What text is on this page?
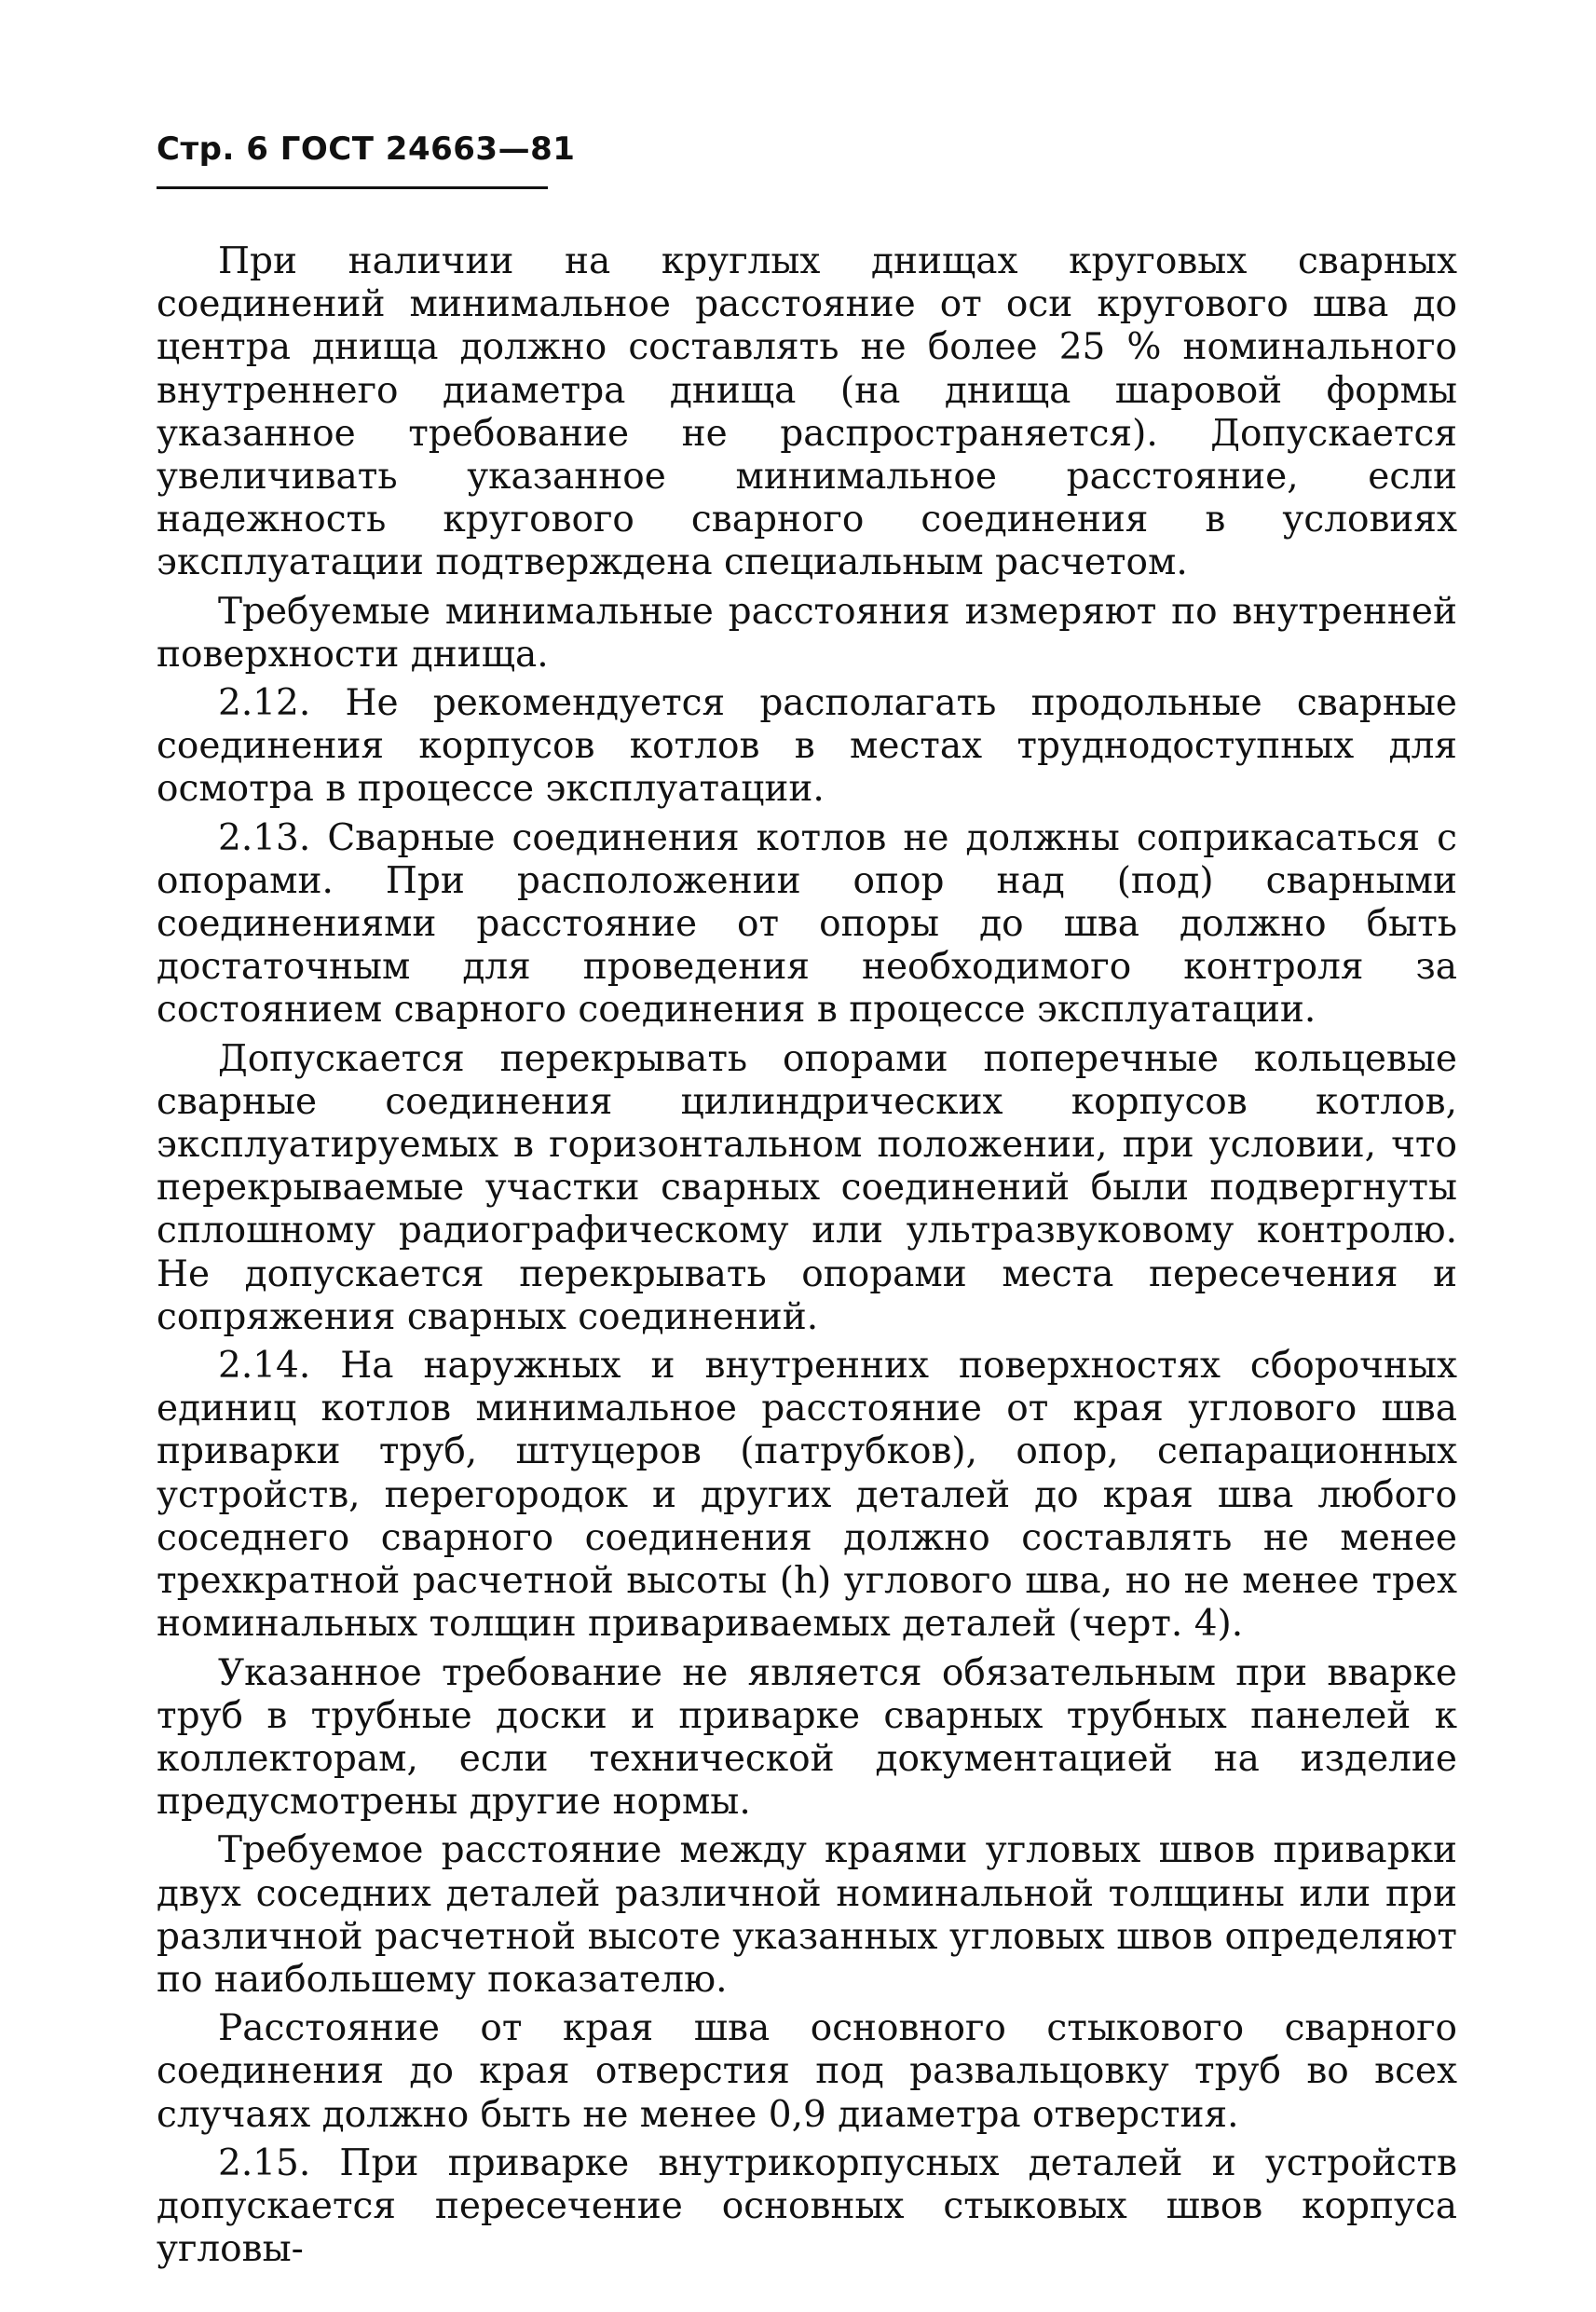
Стр. 6 ГОСТ 24663—81

При наличии на круглых днищах круговых сварных соединений минимальное расстояние от оси кругового шва до центра днища должно составлять не более 25 % номинального внутреннего диаметра днища (на днища шаровой формы указанное требование не распространяется). Допускается увеличивать указанное минимальное расстояние, если надежность кругового сварного соединения в условиях эксплуатации подтверждена специальным расчетом.

Требуемые минимальные расстояния измеряют по внутренней поверхности днища.

2.12. Не рекомендуется располагать продольные сварные соединения корпусов котлов в местах труднодоступных для осмотра в процессе эксплуатации.

2.13. Сварные соединения котлов не должны соприкасаться с опорами. При расположении опор над (под) сварными соединениями расстояние от опоры до шва должно быть достаточным для проведения необходимого контроля за состоянием сварного соединения в процессе эксплуатации.

Допускается перекрывать опорами поперечные кольцевые сварные соединения цилиндрических корпусов котлов, эксплуатируемых в горизонтальном положении, при условии, что перекрываемые участки сварных соединений были подвергнуты сплошному радиографическому или ультразвуковому контролю. Не допускается перекрывать опорами места пересечения и сопряжения сварных соединений.

2.14. На наружных и внутренних поверхностях сборочных единиц котлов минимальное расстояние от края углового шва приварки труб, штуцеров (патрубков), опор, сепарационных устройств, перегородок и других деталей до края шва любого соседнего сварного соединения должно составлять не менее трехкратной расчетной высоты (h) углового шва, но не менее трех номинальных толщин привариваемых деталей (черт. 4).

Указанное требование не является обязательным при вварке труб в трубные доски и приварке сварных трубных панелей к коллекторам, если технической документацией на изделие предусмотрены другие нормы.

Требуемое расстояние между краями угловых швов приварки двух соседних деталей различной номинальной толщины или при различной расчетной высоте указанных угловых швов определяют по наибольшему показателю.

Расстояние от края шва основного стыкового сварного соединения до края отверстия под развальцовку труб во всех случаях должно быть не менее 0,9 диаметра отверстия.

2.15. При приварке внутрикорпусных деталей и устройств допускается пересечение основных стыковых швов корпуса угловы-
